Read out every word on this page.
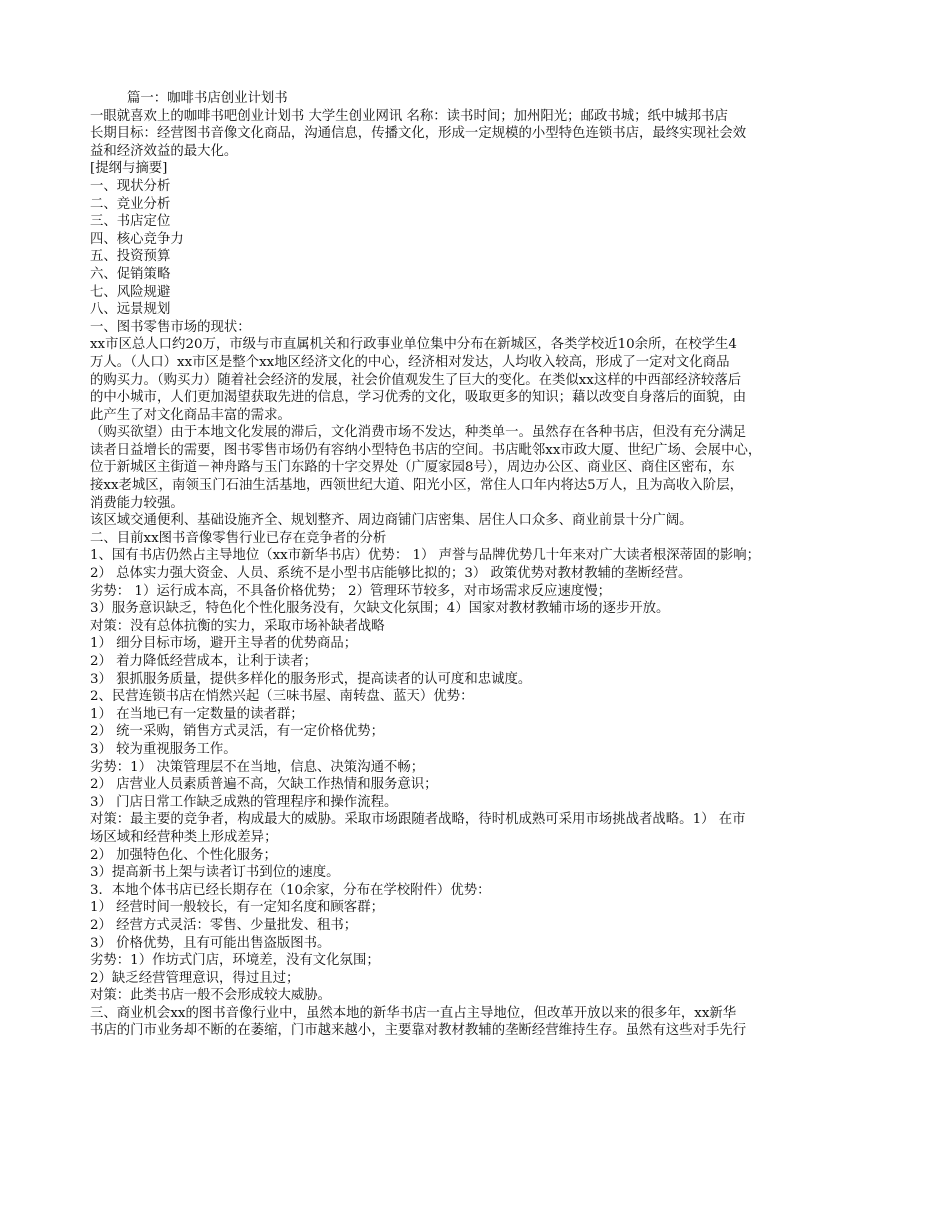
篇一：咖啡书店创业计划书
一眼就喜欢上的咖啡书吧创业计划书 大学生创业网讯 名称：读书时间；加州阳光；邮政书城；纸中城邦书店
长期目标：经营图书音像文化商品，沟通信息，传播文化，形成一定规模的小型特色连锁书店，最终实现社会效
益和经济效益的最大化。
[提纲与摘要]
一、现状分析
二、竞业分析
三、书店定位
四、核心竞争力
五、投资预算
六、促销策略
七、风险规避
八、远景规划
一、图书零售市场的现状：
xx市区总人口约20万，市级与市直属机关和行政事业单位集中分布在新城区，各类学校近10余所，在校学生4
万人。（人口）xx市区是整个xx地区经济文化的中心，经济相对发达，人均收入较高，形成了一定对文化商品
的购买力。（购买力）随着社会经济的发展，社会价值观发生了巨大的变化。在类似xx这样的中西部经济较落后
的中小城市，人们更加渴望获取先进的信息，学习优秀的文化，吸取更多的知识；藉以改变自身落后的面貌，由
此产生了对文化商品丰富的需求。
（购买欲望）由于本地文化发展的滞后，文化消费市场不发达，种类单一。虽然存在各种书店，但没有充分满足
读者日益增长的需要，图书零售市场仍有容纳小型特色书店的空间。书店毗邻xx市政大厦、世纪广场、会展中心，
位于新城区主街道－神舟路与玉门东路的十字交界处（广厦家园8号），周边办公区、商业区、商住区密布，东
接xx老城区，南领玉门石油生活基地，西领世纪大道、阳光小区，常住人口年内将达5万人，且为高收入阶层，
消费能力较强。
该区域交通便利、基础设施齐全、规划整齐、周边商铺门店密集、居住人口众多、商业前景十分广阔。
二、目前xx图书音像零售行业已存在竞争者的分析
1、国有书店仍然占主导地位（xx市新华书店）优势： 1） 声誉与品牌优势几十年来对广大读者根深蒂固的影响；
2） 总体实力强大资金、人员、系统不是小型书店能够比拟的；3） 政策优势对教材教辅的垄断经营。
劣势： 1）运行成本高，不具备价格优势； 2）管理环节较多，对市场需求反应速度慢；
3）服务意识缺乏，特色化个性化服务没有，欠缺文化氛围；4）国家对教材教辅市场的逐步开放。
对策：没有总体抗衡的实力，采取市场补缺者战略
1） 细分目标市场，避开主导者的优势商品；
2） 着力降低经营成本，让利于读者；
3） 狠抓服务质量，提供多样化的服务形式，提高读者的认可度和忠诚度。
2、民营连锁书店在悄然兴起（三味书屋、南转盘、蓝天）优势：
1） 在当地已有一定数量的读者群；
2） 统一采购，销售方式灵活，有一定价格优势；
3） 较为重视服务工作。
劣势：1） 决策管理层不在当地，信息、决策沟通不畅；
2） 店营业人员素质普遍不高，欠缺工作热情和服务意识；
3） 门店日常工作缺乏成熟的管理程序和操作流程。
对策：最主要的竞争者，构成最大的威胁。采取市场跟随者战略，待时机成熟可采用市场挑战者战略。1） 在市
场区域和经营种类上形成差异；
2） 加强特色化、个性化服务；
3）提高新书上架与读者订书到位的速度。
3．本地个体书店已经长期存在（10余家，分布在学校附件）优势：
1） 经营时间一般较长，有一定知名度和顾客群；
2） 经营方式灵活：零售、少量批发、租书；
3） 价格优势，且有可能出售盗版图书。
劣势：1）作坊式门店，环境差，没有文化氛围；
2）缺乏经营管理意识，得过且过；
对策：此类书店一般不会形成较大威胁。
三、商业机会xx的图书音像行业中，虽然本地的新华书店一直占主导地位，但改革开放以来的很多年，xx新华
书店的门市业务却不断的在萎缩，门市越来越小，主要靠对教材教辅的垄断经营维持生存。虽然有这些对手先行
